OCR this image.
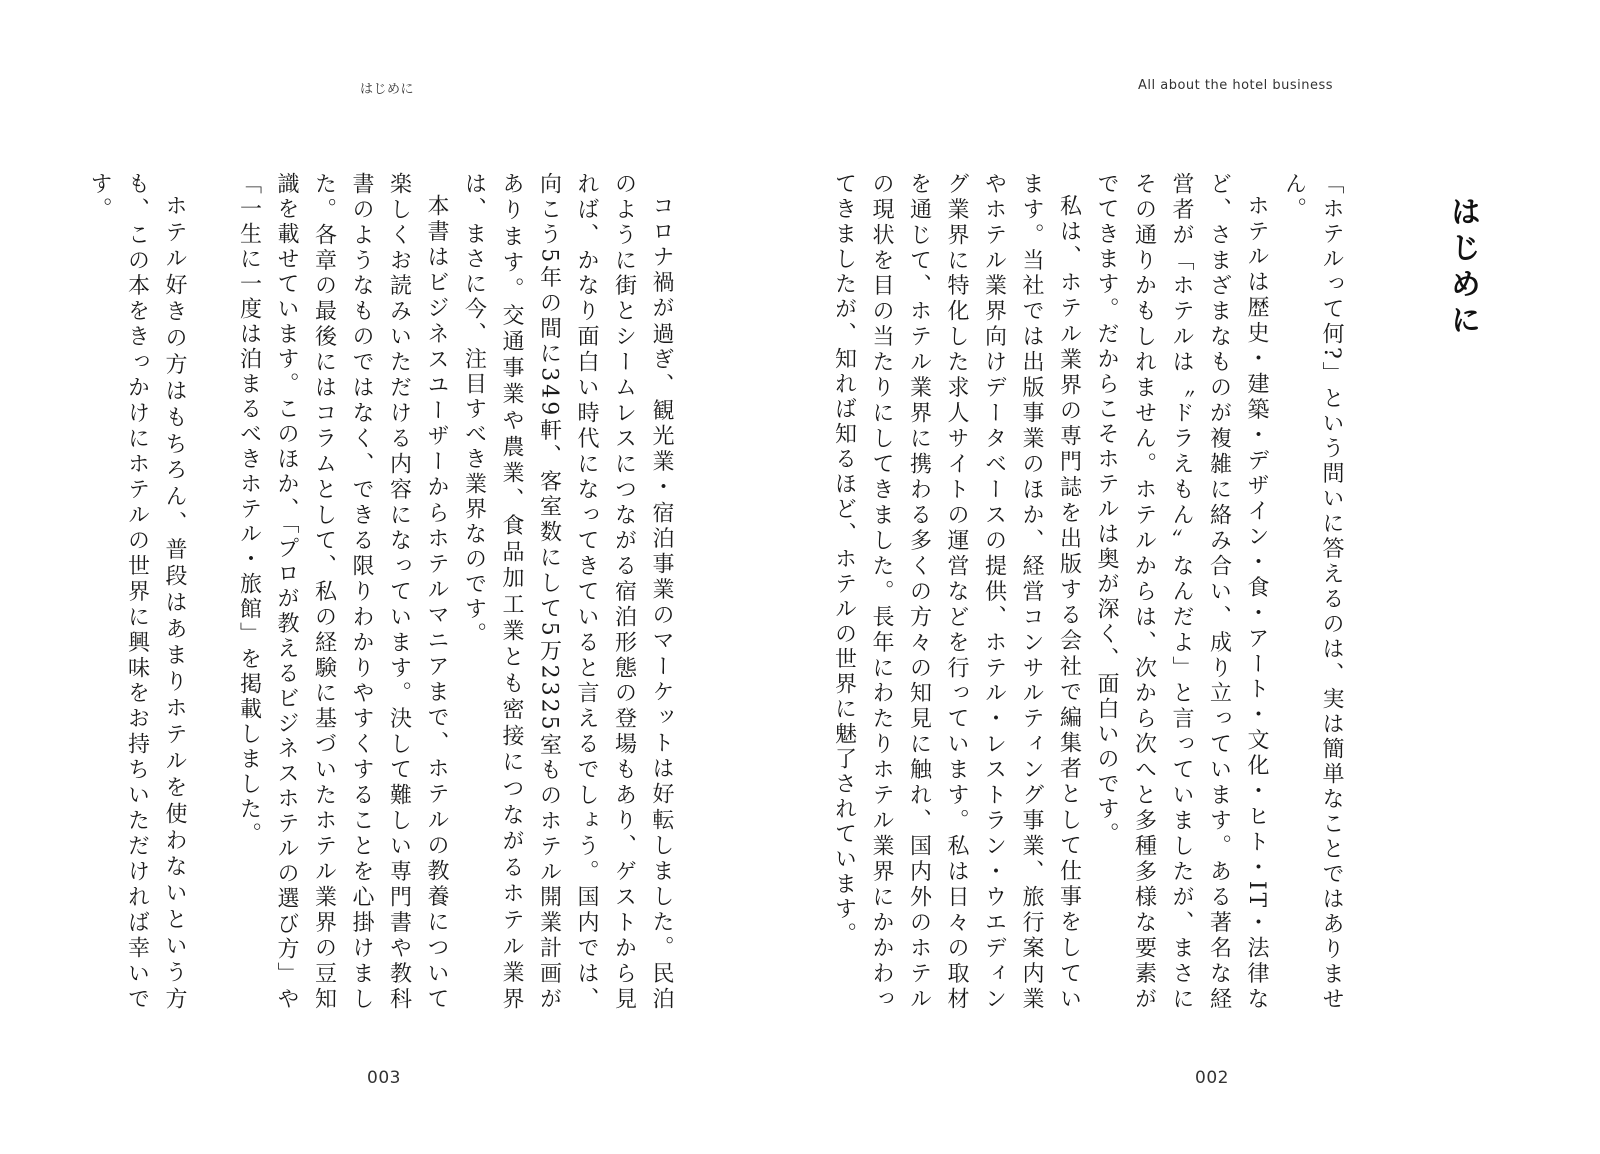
はじめに

コロナ禍が過ぎ、観光業・宿泊事業のマーケットは好転しました。民泊のように街とシームレスにつながる宿泊形態の登場もあり、ゲストから見れば、かなり面白い時代になってきていると言えるでしょう。国内では、向こう5年の間に349軒、客室数にして5万2325室ものホテル開業計画があります。交通事業や農業、食品加工業とも密接につながるホテル業界は、まさに今、注目すべき業界なのです。

本書はビジネスユーザーからホテルマニアまで、ホテルの教養について楽しくお読みいただける内容になっています。決して難しい専門書や教科書のようなものではなく、できる限りわかりやすくすることを心掛けました。各章の最後にはコラムとして、私の経験に基づいたホテル業界の豆知識を載せています。このほか、「プロが教えるビジネスホテルの選び方」や「一生に一度は泊まるべきホテル・旅館」を掲載しました。

ホテル好きの方はもちろん、普段はあまりホテルを使わないという方も、この本をきっかけにホテルの世界に興味をお持ちいただければ幸いです。

003
All about the hotel business
はじめに

「ホテルって何?」という問いに答えるのは、実は簡単なことではありません。

ホテルは歴史・建築・デザイン・食・アート・文化・ヒト・IT・法律など、さまざまなものが複雑に絡み合い、成り立っています。ある著名な経営者が「ホテルは〝ドラえもん〟なんだよ」と言っていましたが、まさにその通りかもしれません。ホテルからは、次から次へと多種多様な要素がでてきます。だからこそホテルは奥が深く、面白いのです。

私は、ホテル業界の専門誌を出版する会社で編集者として仕事をしています。当社では出版事業のほか、経営コンサルティング事業、旅行案内業やホテル業界向けデータベースの提供、ホテル・レストラン・ウエディング業界に特化した求人サイトの運営などを行っています。私は日々の取材を通じて、ホテル業界に携わる多くの方々の知見に触れ、国内外のホテルの現状を目の当たりにしてきました。長年にわたりホテル業界にかかわってきましたが、知れば知るほど、ホテルの世界に魅了されています。

002
